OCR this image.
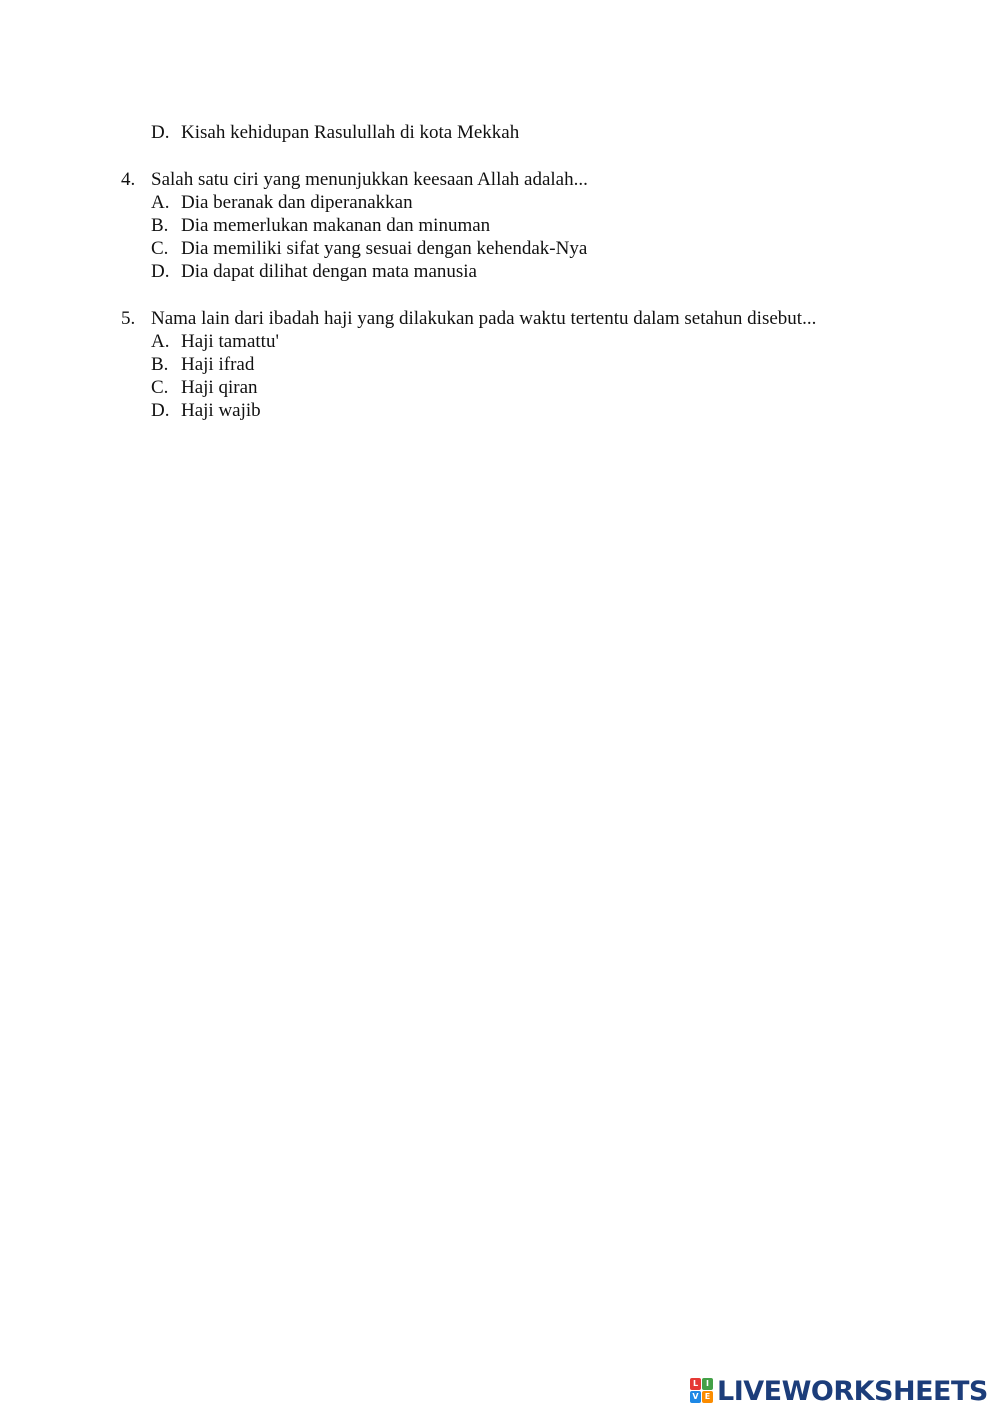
D. Kisah kehidupan Rasulullah di kota Mekkah
4. Salah satu ciri yang menunjukkan keesaan Allah adalah...
A. Dia beranak dan diperanakkan
B. Dia memerlukan makanan dan minuman
C. Dia memiliki sifat yang sesuai dengan kehendak-Nya
D. Dia dapat dilihat dengan mata manusia
5. Nama lain dari ibadah haji yang dilakukan pada waktu tertentu dalam setahun disebut...
A. Haji tamattu'
B. Haji ifrad
C. Haji qiran
D. Haji wajib
L I
V E LIVEWORKSHEETS
